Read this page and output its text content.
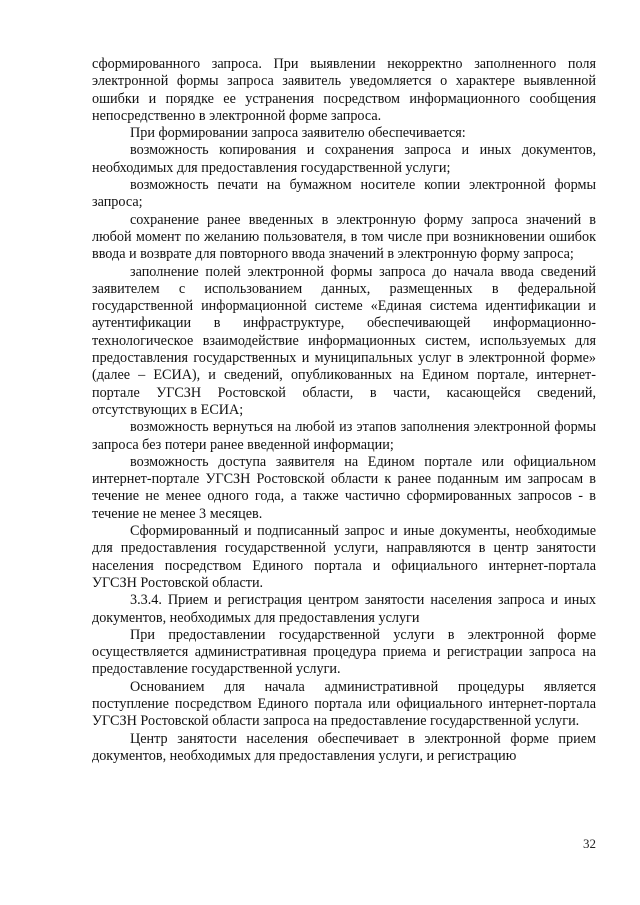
сформированного запроса. При выявлении некорректно заполненного поля электронной формы запроса заявитель уведомляется о характере выявленной ошибки и порядке ее устранения посредством информационного сообщения непосредственно в электронной форме запроса.

При формировании запроса заявителю обеспечивается:

возможность копирования и сохранения запроса и иных документов, необходимых для предоставления государственной услуги;

возможность печати на бумажном носителе копии электронной формы запроса;

сохранение ранее введенных в электронную форму запроса значений в любой момент по желанию пользователя, в том числе при возникновении ошибок ввода и возврате для повторного ввода значений в электронную форму запроса;

заполнение полей электронной формы запроса до начала ввода сведений заявителем с использованием данных, размещенных в федеральной государственной информационной системе «Единая система идентификации и аутентификации в инфраструктуре, обеспечивающей информационно-технологическое взаимодействие информационных систем, используемых для предоставления государственных и муниципальных услуг в электронной форме» (далее – ЕСИА), и сведений, опубликованных на Едином портале, интернет-портале УГСЗН Ростовской области, в части, касающейся сведений, отсутствующих в ЕСИА;

возможность вернуться на любой из этапов заполнения электронной формы запроса без потери ранее введенной информации;

возможность доступа заявителя на Едином портале или официальном интернет-портале УГСЗН Ростовской области к ранее поданным им запросам в течение не менее одного года, а также частично сформированных запросов - в течение не менее 3 месяцев.

Сформированный и подписанный запрос и иные документы, необходимые для предоставления государственной услуги, направляются в центр занятости населения посредством Единого портала и официального интернет-портала УГСЗН Ростовской области.

3.3.4. Прием и регистрация центром занятости населения запроса и иных документов, необходимых для предоставления услуги

При предоставлении государственной услуги в электронной форме осуществляется административная процедура приема и регистрации запроса на предоставление государственной услуги.

Основанием для начала административной процедуры является поступление посредством Единого портала или официального интернет-портала УГСЗН Ростовской области запроса на предоставление государственной услуги.

Центр занятости населения обеспечивает в электронной форме прием документов, необходимых для предоставления услуги, и регистрацию

32
